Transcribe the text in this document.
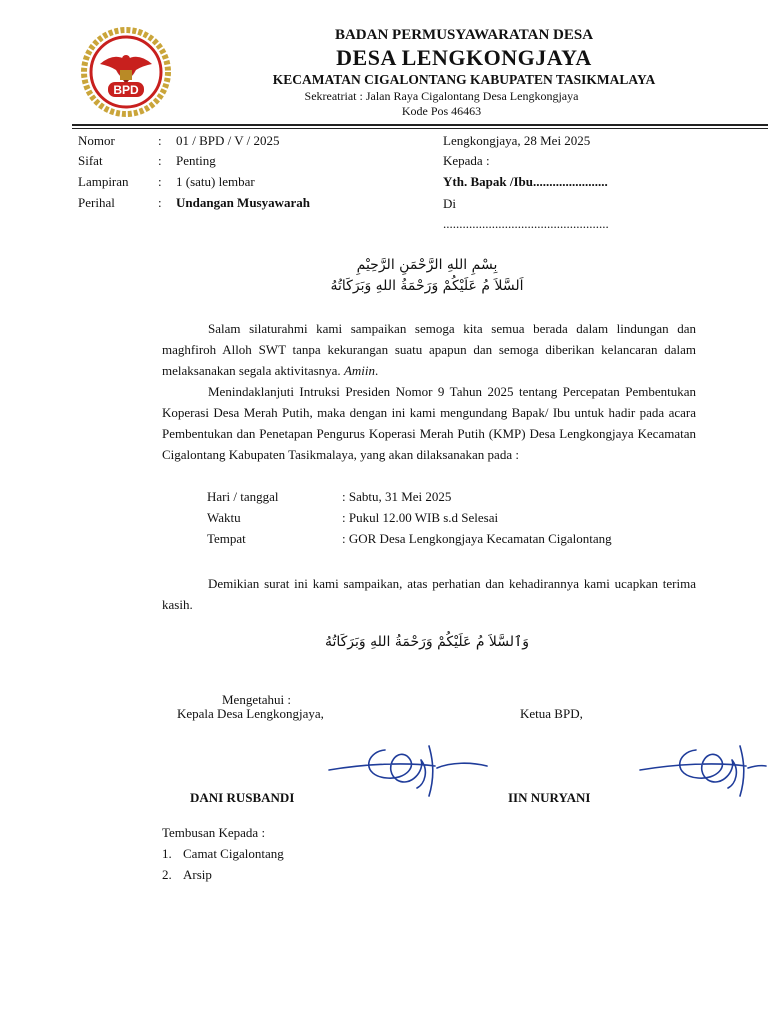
BPD
BADAN PERMUSYAWARATAN DESA
DESA LENGKONGJAYA
KECAMATAN CIGALONTANG KABUPATEN TASIKMALAYA
Sekreatriat : Jalan Raya Cigalontang Desa Lengkongjaya
Kode Pos 46463
Nomor	: 01 / BPD / V / 2025
Sifat	: Penting
Lampiran : 1 (satu) lembar
Perihal	: Undangan Musyawarah
Lengkongjaya, 28 Mei 2025
Kepada :
Yth. Bapak /Ibu.......................
Di
...................................................
بِسْمِ اللهِ الرَّحْمَنِ الرَّحِيْمِ
اَلسَّلاَ مُ عَلَيْكُمْ وَرَحْمَةُ اللهِ وَبَرَكَاتُهُ
Salam silaturahmi kami sampaikan semoga kita semua berada dalam lindungan dan maghfiroh Alloh SWT tanpa kekurangan suatu apapun dan semoga diberikan kelancaran dalam melaksanakan segala aktivitasnya. Amiin.
Menindaklanjuti Intruksi Presiden Nomor 9 Tahun 2025 tentang Percepatan Pembentukan Koperasi Desa Merah Putih, maka dengan ini kami mengundang Bapak/ Ibu untuk hadir pada acara Pembentukan dan Penetapan Pengurus Koperasi Merah Putih (KMP) Desa Lengkongjaya Kecamatan Cigalontang Kabupaten Tasikmalaya, yang akan dilaksanakan pada :
Hari / tanggal	: Sabtu, 31 Mei 2025
Waktu	: Pukul 12.00 WIB s.d Selesai
Tempat	: GOR Desa Lengkongjaya Kecamatan Cigalontang
Demikian surat ini kami sampaikan, atas perhatian dan kehadirannya kami ucapkan terima kasih.
وَٱلسَّلاَ مُ عَلَيْكُمْ وَرَحْمَةُ اللهِ وَبَرَكَاتُهُ
Mengetahui :
Kepala Desa Lengkongjaya,	Ketua BPD,
DANI RUSBANDI	IIN NURYANI
Tembusan Kepada :
1. Camat Cigalontang
2. Arsip
